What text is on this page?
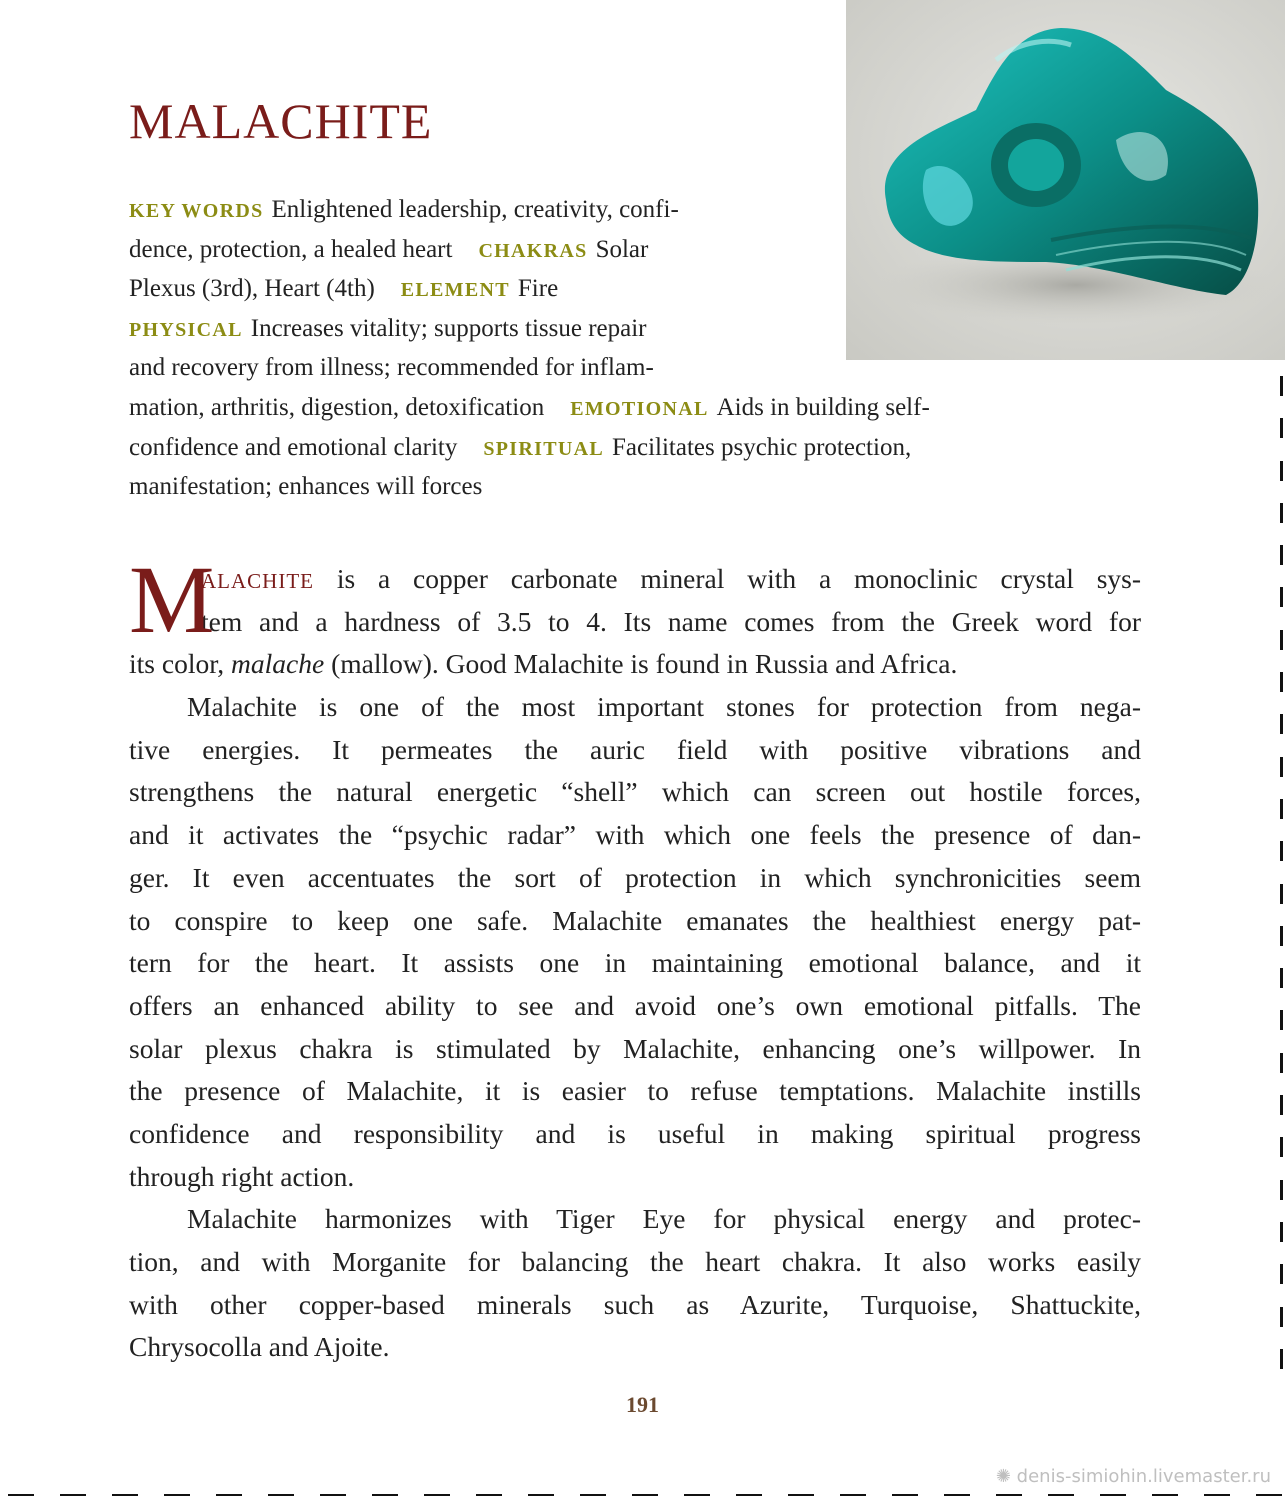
MALACHITE
KEY WORDS Enlightened leadership, creativity, confi-
dence, protection, a healed heart CHAKRAS Solar
Plexus (3rd), Heart (4th) ELEMENT Fire
PHYSICAL Increases vitality; supports tissue repair
and recovery from illness; recommended for inflam-
mation, arthritis, digestion, detoxification EMOTIONAL Aids in building self-
confidence and emotional clarity SPIRITUAL Facilitates psychic protection,
manifestation; enhances will forces
M
ALACHITE is a copper carbonate mineral with a monoclinic crystal sys-
tem and a hardness of 3.5 to 4. Its name comes from the Greek word for
its color, malache (mallow). Good Malachite is found in Russia and Africa.
Malachite is one of the most important stones for protection from nega-
tive energies. It permeates the auric field with positive vibrations and
strengthens the natural energetic “shell” which can screen out hostile forces,
and it activates the “psychic radar” with which one feels the presence of dan-
ger. It even accentuates the sort of protection in which synchronicities seem
to conspire to keep one safe. Malachite emanates the healthiest energy pat-
tern for the heart. It assists one in maintaining emotional balance, and it
offers an enhanced ability to see and avoid one’s own emotional pitfalls. The
solar plexus chakra is stimulated by Malachite, enhancing one’s willpower. In
the presence of Malachite, it is easier to refuse temptations. Malachite instills
confidence and responsibility and is useful in making spiritual progress
through right action.
Malachite harmonizes with Tiger Eye for physical energy and protec-
tion, and with Morganite for balancing the heart chakra. It also works easily
with other copper-based minerals such as Azurite, Turquoise, Shattuckite,
Chrysocolla and Ajoite.
191
✺ denis-simiohin.livemaster.ru
